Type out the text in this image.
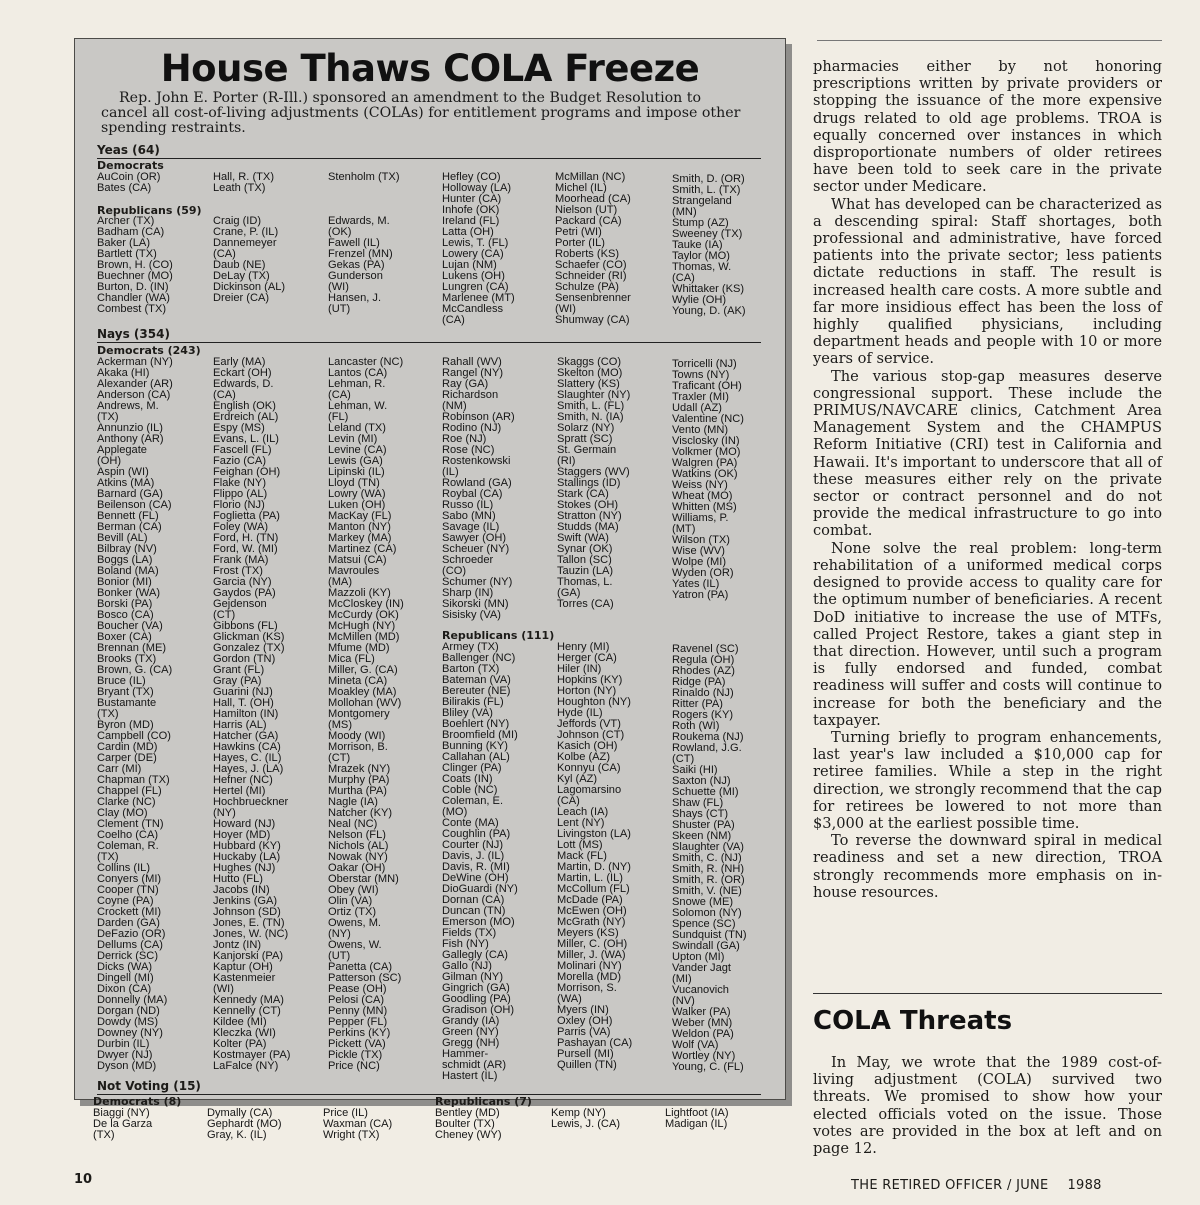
House Thaws COLA Freeze
Rep. John E. Porter (R-Ill.) sponsored an amendment to the Budget Resolution to cancel all cost-of-living adjustments (COLAs) for entitlement programs and impose other spending restraints.
Yeas (64)
Democrats
AuCoin (OR)
Bates (CA)
Hall, R. (TX)
Leath (TX)
Stenholm (TX)
Republicans (59)
Archer (TX)
Badham (CA)
Baker (LA)
Bartlett (TX)
Brown, H. (CO)
Buechner (MO)
Burton, D. (IN)
Chandler (WA)
Combest (TX)
Craig (ID)
Crane, P. (IL)
Dannemeyer
(CA)
Daub (NE)
DeLay (TX)
Dickinson (AL)
Dreier (CA)
Edwards, M.
(OK)
Fawell (IL)
Frenzel (MN)
Gekas (PA)
Gunderson
(WI)
Hansen, J.
(UT)
Hefley (CO)
Holloway (LA)
Hunter (CA)
Inhofe (OK)
Ireland (FL)
Latta (OH)
Lewis, T. (FL)
Lowery (CA)
Lujan (NM)
Lukens (OH)
Lungren (CA)
Marlenee (MT)
McCandless
(CA)
McMillan (NC)
Michel (IL)
Moorhead (CA)
Nielson (UT)
Packard (CA)
Petri (WI)
Porter (IL)
Roberts (KS)
Schaefer (CO)
Schneider (RI)
Schulze (PA)
Sensenbrenner
(WI)
Shumway (CA)
Smith, D. (OR)
Smith, L. (TX)
Strangeland
(MN)
Stump (AZ)
Sweeney (TX)
Tauke (IA)
Taylor (MO)
Thomas, W.
(CA)
Whittaker (KS)
Wylie (OH)
Young, D. (AK)
Nays (354)
Democrats (243)
Ackerman (NY)
Akaka (HI)
Alexander (AR)
Anderson (CA)
Andrews, M.
(TX)
Annunzio (IL)
Anthony (AR)
Applegate
(OH)
Aspin (WI)
Atkins (MA)
Barnard (GA)
Beilenson (CA)
Bennett (FL)
Berman (CA)
Bevill (AL)
Bilbray (NV)
Boggs (LA)
Boland (MA)
Bonior (MI)
Bonker (WA)
Borski (PA)
Bosco (CA)
Boucher (VA)
Boxer (CA)
Brennan (ME)
Brooks (TX)
Brown, G. (CA)
Bruce (IL)
Bryant (TX)
Bustamante
(TX)
Byron (MD)
Campbell (CO)
Cardin (MD)
Carper (DE)
Carr (MI)
Chapman (TX)
Chappel (FL)
Clarke (NC)
Clay (MO)
Clement (TN)
Coelho (CA)
Coleman, R.
(TX)
Collins (IL)
Conyers (MI)
Cooper (TN)
Coyne (PA)
Crockett (MI)
Darden (GA)
DeFazio (OR)
Dellums (CA)
Derrick (SC)
Dicks (WA)
Dingell (MI)
Dixon (CA)
Donnelly (MA)
Dorgan (ND)
Dowdy (MS)
Downey (NY)
Durbin (IL)
Dwyer (NJ)
Dyson (MD)
Early (MA)
Eckart (OH)
Edwards, D.
(CA)
English (OK)
Erdreich (AL)
Espy (MS)
Evans, L. (IL)
Fascell (FL)
Fazio (CA)
Feighan (OH)
Flake (NY)
Flippo (AL)
Florio (NJ)
Foglietta (PA)
Foley (WA)
Ford, H. (TN)
Ford, W. (MI)
Frank (MA)
Frost (TX)
Garcia (NY)
Gaydos (PA)
Gejdenson
(CT)
Gibbons (FL)
Glickman (KS)
Gonzalez (TX)
Gordon (TN)
Grant (FL)
Gray (PA)
Guarini (NJ)
Hall, T. (OH)
Hamilton (IN)
Harris (AL)
Hatcher (GA)
Hawkins (CA)
Hayes, C. (IL)
Hayes, J. (LA)
Hefner (NC)
Hertel (MI)
Hochbrueckner
(NY)
Howard (NJ)
Hoyer (MD)
Hubbard (KY)
Huckaby (LA)
Hughes (NJ)
Hutto (FL)
Jacobs (IN)
Jenkins (GA)
Johnson (SD)
Jones, E. (TN)
Jones, W. (NC)
Jontz (IN)
Kanjorski (PA)
Kaptur (OH)
Kastenmeier
(WI)
Kennedy (MA)
Kennelly (CT)
Kildee (MI)
Kleczka (WI)
Kolter (PA)
Kostmayer (PA)
LaFalce (NY)
Lancaster (NC)
Lantos (CA)
Lehman, R.
(CA)
Lehman, W.
(FL)
Leland (TX)
Levin (MI)
Levine (CA)
Lewis (GA)
Lipinski (IL)
Lloyd (TN)
Lowry (WA)
Luken (OH)
MacKay (FL)
Manton (NY)
Markey (MA)
Martinez (CA)
Matsui (CA)
Mavroules
(MA)
Mazzoli (KY)
McCloskey (IN)
McCurdy (OK)
McHugh (NY)
McMillen (MD)
Mfume (MD)
Mica (FL)
Miller, G. (CA)
Mineta (CA)
Moakley (MA)
Mollohan (WV)
Montgomery
(MS)
Moody (WI)
Morrison, B.
(CT)
Mrazek (NY)
Murphy (PA)
Murtha (PA)
Nagle (IA)
Natcher (KY)
Neal (NC)
Nelson (FL)
Nichols (AL)
Nowak (NY)
Oakar (OH)
Oberstar (MN)
Obey (WI)
Olin (VA)
Ortiz (TX)
Owens, M.
(NY)
Owens, W.
(UT)
Panetta (CA)
Patterson (SC)
Pease (OH)
Pelosi (CA)
Penny (MN)
Pepper (FL)
Perkins (KY)
Pickett (VA)
Pickle (TX)
Price (NC)
Rahall (WV)
Rangel (NY)
Ray (GA)
Richardson
(NM)
Robinson (AR)
Rodino (NJ)
Roe (NJ)
Rose (NC)
Rostenkowski
(IL)
Rowland (GA)
Roybal (CA)
Russo (IL)
Sabo (MN)
Savage (IL)
Sawyer (OH)
Scheuer (NY)
Schroeder
(CO)
Schumer (NY)
Sharp (IN)
Sikorski (MN)
Sisisky (VA)
Skaggs (CO)
Skelton (MO)
Slattery (KS)
Slaughter (NY)
Smith, L. (FL)
Smith, N. (IA)
Solarz (NY)
Spratt (SC)
St. Germain
(RI)
Staggers (WV)
Stallings (ID)
Stark (CA)
Stokes (OH)
Stratton (NY)
Studds (MA)
Swift (WA)
Synar (OK)
Tallon (SC)
Tauzin (LA)
Thomas, L.
(GA)
Torres (CA)
Torricelli (NJ)
Towns (NY)
Traficant (OH)
Traxler (MI)
Udall (AZ)
Valentine (NC)
Vento (MN)
Visclosky (IN)
Volkmer (MO)
Walgren (PA)
Watkins (OK)
Weiss (NY)
Wheat (MO)
Whitten (MS)
Williams, P.
(MT)
Wilson (TX)
Wise (WV)
Wolpe (MI)
Wyden (OR)
Yates (IL)
Yatron (PA)
Republicans (111)
Armey (TX)
Ballenger (NC)
Barton (TX)
Bateman (VA)
Bereuter (NE)
Bilirakis (FL)
Bliley (VA)
Boehlert (NY)
Broomfield (MI)
Bunning (KY)
Callahan (AL)
Clinger (PA)
Coats (IN)
Coble (NC)
Coleman, E.
(MO)
Conte (MA)
Coughlin (PA)
Courter (NJ)
Davis, J. (IL)
Davis, R. (MI)
DeWine (OH)
DioGuardi (NY)
Dornan (CA)
Duncan (TN)
Emerson (MO)
Fields (TX)
Fish (NY)
Gallegly (CA)
Gallo (NJ)
Gilman (NY)
Gingrich (GA)
Goodling (PA)
Gradison (OH)
Grandy (IA)
Green (NY)
Gregg (NH)
Hammer-
schmidt (AR)
Hastert (IL)
Henry (MI)
Herger (CA)
Hiler (IN)
Hopkins (KY)
Horton (NY)
Houghton (NY)
Hyde (IL)
Jeffords (VT)
Johnson (CT)
Kasich (OH)
Kolbe (AZ)
Konnyu (CA)
Kyl (AZ)
Lagomarsino
(CA)
Leach (IA)
Lent (NY)
Livingston (LA)
Lott (MS)
Mack (FL)
Martin, D. (NY)
Martin, L. (IL)
McCollum (FL)
McDade (PA)
McEwen (OH)
McGrath (NY)
Meyers (KS)
Miller, C. (OH)
Miller, J. (WA)
Molinari (NY)
Morella (MD)
Morrison, S.
(WA)
Myers (IN)
Oxley (OH)
Parris (VA)
Pashayan (CA)
Pursell (MI)
Quillen (TN)
Ravenel (SC)
Regula (OH)
Rhodes (AZ)
Ridge (PA)
Rinaldo (NJ)
Ritter (PA)
Rogers (KY)
Roth (WI)
Roukema (NJ)
Rowland, J.G.
(CT)
Saiki (HI)
Saxton (NJ)
Schuette (MI)
Shaw (FL)
Shays (CT)
Shuster (PA)
Skeen (NM)
Slaughter (VA)
Smith, C. (NJ)
Smith, R. (NH)
Smith, R. (OR)
Smith, V. (NE)
Snowe (ME)
Solomon (NY)
Spence (SC)
Sundquist (TN)
Swindall (GA)
Upton (MI)
Vander Jagt
(MI)
Vucanovich
(NV)
Walker (PA)
Weber (MN)
Weldon (PA)
Wolf (VA)
Wortley (NY)
Young, C. (FL)
Not Voting (15)
Democrats (8)	Republicans (7)
Biaggi (NY)
De la Garza
(TX)
Dymally (CA)
Gephardt (MO)
Gray, K. (IL)
Price (IL)
Waxman (CA)
Wright (TX)
Bentley (MD)
Boulter (TX)
Cheney (WY)
Kemp (NY)
Lewis, J. (CA)
Lightfoot (IA)
Madigan (IL)

pharmacies either by not honoring prescriptions written by private providers or stopping the issuance of the more expensive drugs related to old age problems. TROA is equally concerned over instances in which disproportionate numbers of older retirees have been told to seek care in the private sector under Medicare.

What has developed can be characterized as a descending spiral: Staff shortages, both professional and administrative, have forced patients into the private sector; less patients dictate reductions in staff. The result is increased health care costs. A more subtle and far more insidious effect has been the loss of highly qualified physicians, including department heads and people with 10 or more years of service.

The various stop-gap measures deserve congressional support. These include the PRIMUS/NAVCARE clinics, Catchment Area Management System and the CHAMPUS Reform Initiative (CRI) test in California and Hawaii. It's important to underscore that all of these measures either rely on the private sector or contract personnel and do not provide the medical infrastructure to go into combat.

None solve the real problem: long-term rehabilitation of a uniformed medical corps designed to provide access to quality care for the optimum number of beneficiaries. A recent DoD initiative to increase the use of MTFs, called Project Restore, takes a giant step in that direction. However, until such a program is fully endorsed and funded, combat readiness will suffer and costs will continue to increase for both the beneficiary and the taxpayer.

Turning briefly to program enhancements, last year's law included a $10,000 cap for retiree families. While a step in the right direction, we strongly recommend that the cap for retirees be lowered to not more than $3,000 at the earliest possible time.

To reverse the downward spiral in medical readiness and set a new direction, TROA strongly recommends more emphasis on in-house resources.

COLA Threats
In May, we wrote that the 1989 cost-of-living adjustment (COLA) survived two threats. We promised to show how your elected officials voted on the issue. Those votes are provided in the box at left and on page 12.
10	THE RETIRED OFFICER / JUNE 1988
